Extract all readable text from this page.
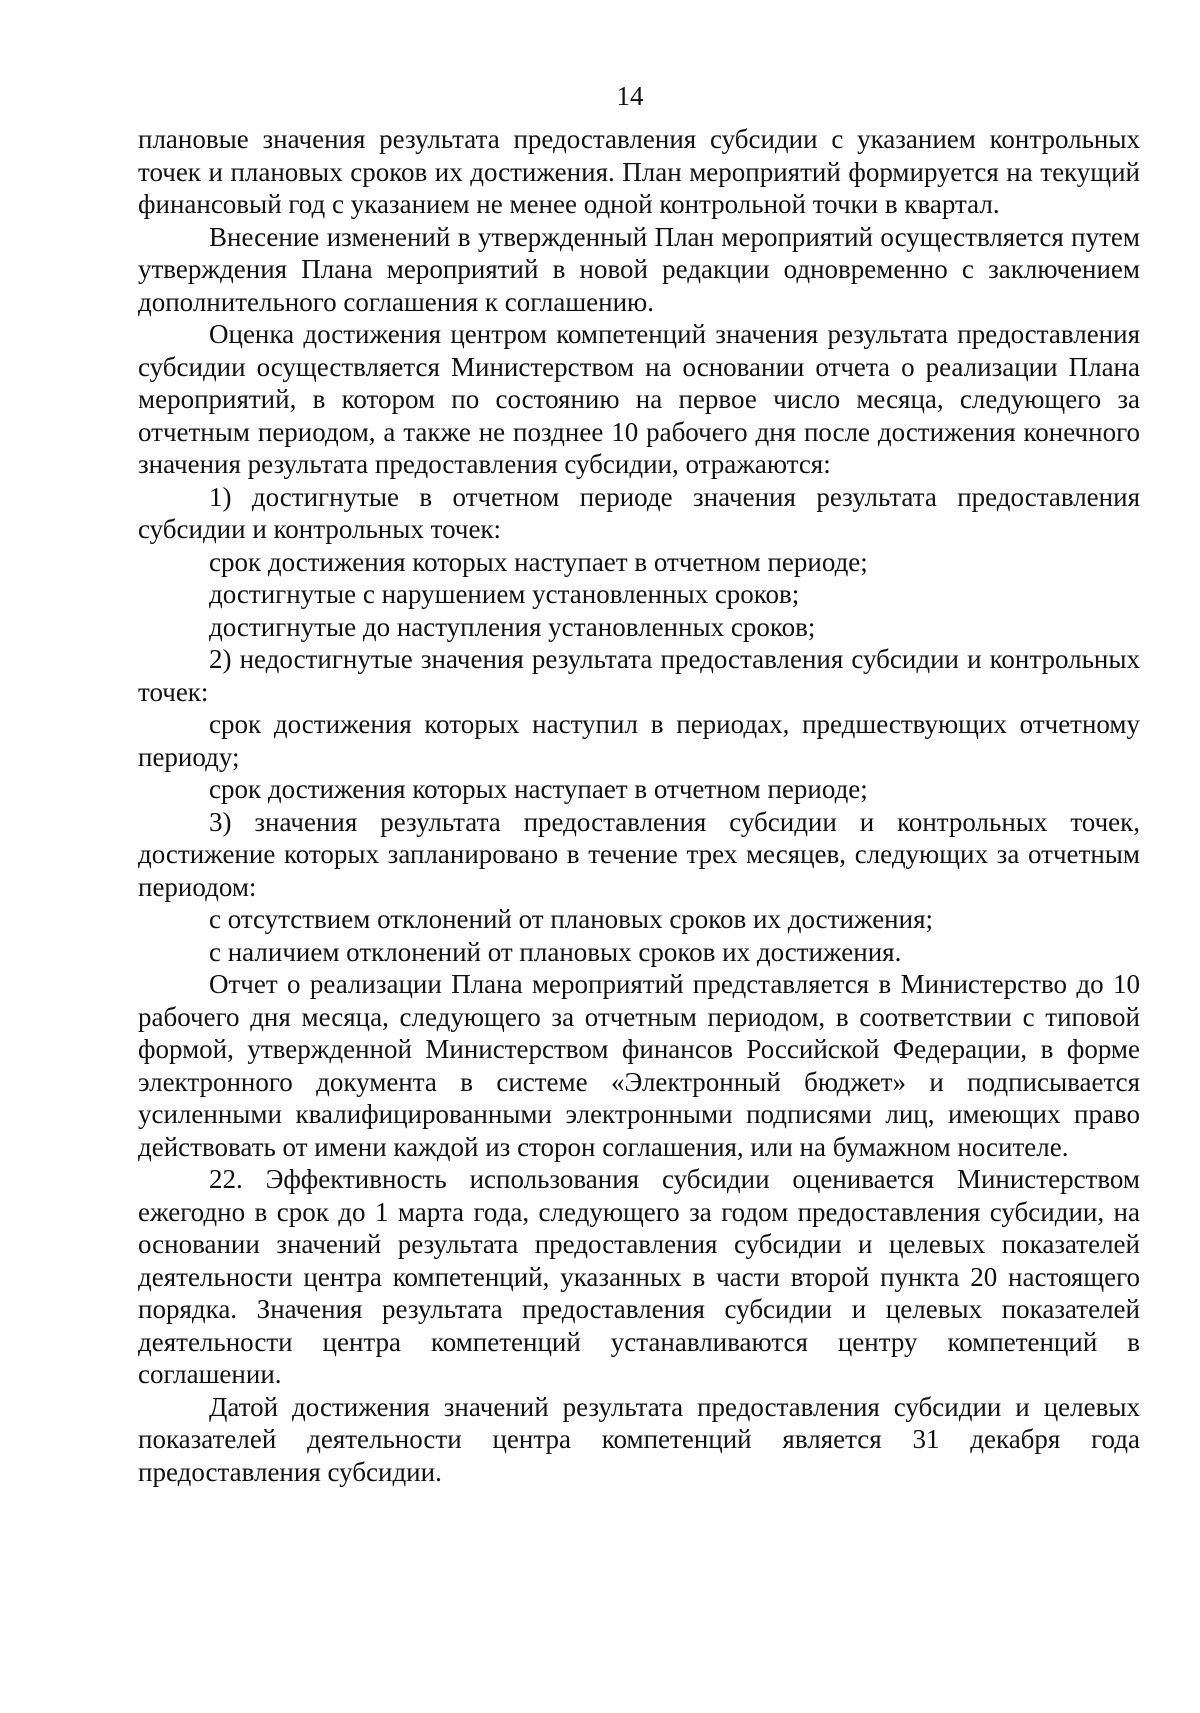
14

плановые значения результата предоставления субсидии с указанием контрольных точек и плановых сроков их достижения. План мероприятий формируется на текущий финансовый год с указанием не менее одной контрольной точки в квартал.

Внесение изменений в утвержденный План мероприятий осуществляется путем утверждения Плана мероприятий в новой редакции одновременно с заключением дополнительного соглашения к соглашению.

Оценка достижения центром компетенций значения результата предоставления субсидии осуществляется Министерством на основании отчета о реализации Плана мероприятий, в котором по состоянию на первое число месяца, следующего за отчетным периодом, а также не позднее 10 рабочего дня после достижения конечного значения результата предоставления субсидии, отражаются:

1) достигнутые в отчетном периоде значения результата предоставления субсидии и контрольных точек:

срок достижения которых наступает в отчетном периоде;

достигнутые с нарушением установленных сроков;

достигнутые до наступления установленных сроков;

2) недостигнутые значения результата предоставления субсидии и контрольных точек:

срок достижения которых наступил в периодах, предшествующих отчетному периоду;

срок достижения которых наступает в отчетном периоде;

3) значения результата предоставления субсидии и контрольных точек, достижение которых запланировано в течение трех месяцев, следующих за отчетным периодом:

с отсутствием отклонений от плановых сроков их достижения;

с наличием отклонений от плановых сроков их достижения.

Отчет о реализации Плана мероприятий представляется в Министерство до 10 рабочего дня месяца, следующего за отчетным периодом, в соответствии с типовой формой, утвержденной Министерством финансов Российской Федерации, в форме электронного документа в системе «Электронный бюджет» и подписывается усиленными квалифицированными электронными подписями лиц, имеющих право действовать от имени каждой из сторон соглашения, или на бумажном носителе.

22. Эффективность использования субсидии оценивается Министерством ежегодно в срок до 1 марта года, следующего за годом предоставления субсидии, на основании значений результата предоставления субсидии и целевых показателей деятельности центра компетенций, указанных в части второй пункта 20 настоящего порядка. Значения результата предоставления субсидии и целевых показателей деятельности центра компетенций устанавливаются центру компетенций в соглашении.

Датой достижения значений результата предоставления субсидии и целевых показателей деятельности центра компетенций является 31 декабря года предоставления субсидии.
